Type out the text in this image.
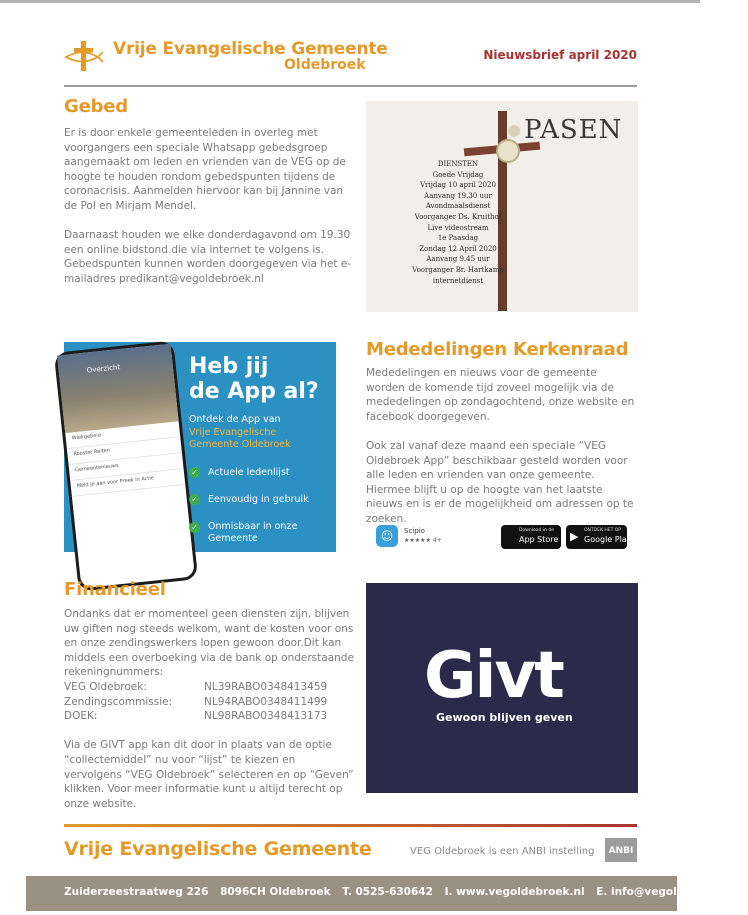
Vrije Evangelische Gemeente
Oldebroek
Nieuwsbrief april 2020
Gebed

Er is door enkele gemeenteleden in overleg met voorgangers een speciale Whatsapp gebedsgroep aangemaakt om leden en vrienden van de VEG op de hoogte te houden rondom gebedspunten tijdens de coronacrisis. Aanmelden hiervoor kan bij Jannine van de Pol en Mirjam Mendel.

Daarnaast houden we elke donderdagavond om 19.30 een online bidstond die via internet te volgens is. Gebedspunten kunnen worden doorgegeven via het e-mailadres predikant@vegoldebroek.nl

PASEN
DIENSTEN
Goede Vrijdag
Vrijdag 10 april 2020
Aanvang 19.30 uur
Avondmaalsdienst
Voorganger Ds. Kruithof
Live videostream
1e Paasdag
Zondag 12 April 2020
Aanvang 9.45 uur
Voorganger Br. Hartkamp
internetdienst
Overzicht
Wiekgebeid
Rooster Reiten
Gemeentenieuws
Meld je aan voor Preek in Actie
Heb jij
de App al?
Ontdek de App van
Vrije Evangelische
Gemeente Oldebroek
✓ Actuele ledenlijst
✓ Eenvoudig in gebruik
✓ Onmisbaar in onze Gemeente
Mededelingen Kerkenraad

Mededelingen en nieuws voor de gemeente worden de komende tijd zoveel mogelijk via de mededelingen op zondagochtend, onze website en facebook doorgegeven.

Ook zal vanaf deze maand een speciale “VEG Oldebroek App” beschikbaar gesteld worden voor alle leden en vrienden van onze gemeente. Hiermee blijft u op de hoogte van het laatste nieuws en is er de mogelijkheid om adressen op te zoeken.

☺	Scipio
★★★★★ 4+
Download in de
App Store ▶ ONTDEK HET OP
Google Play
Financieel
Ondanks dat er momenteel geen diensten zijn, blijven uw giften nog steeds welkom, want de kosten voor ons en onze zendingswerkers lopen gewoon door.Dit kan middels een overboeking via de bank op onderstaande rekeningnummers:
VEG Oldebroek:	NL39RABO0348413459
Zendingscommissie:	NL94RABO0348411499
DOEK:	NL98RABO0348413173
Via de GIVT app kan dit door in plaats van de optie “collectemiddel” nu voor “lijst” te kiezen en vervolgens “VEG Oldebroek” selecteren en op “Geven” klikken. Voor meer informatie kunt u altijd terecht op onze website.
Givt
Gewoon blijven geven
Vrije Evangelische Gemeente	VEG Oldebroek is een ANBI instelling	ANBI
Zuiderzeestraatweg 226 8096CH Oldebroek T. 0525-630642 I. www.vegoldebroek.nl E. info@vegoldebroek.nl
